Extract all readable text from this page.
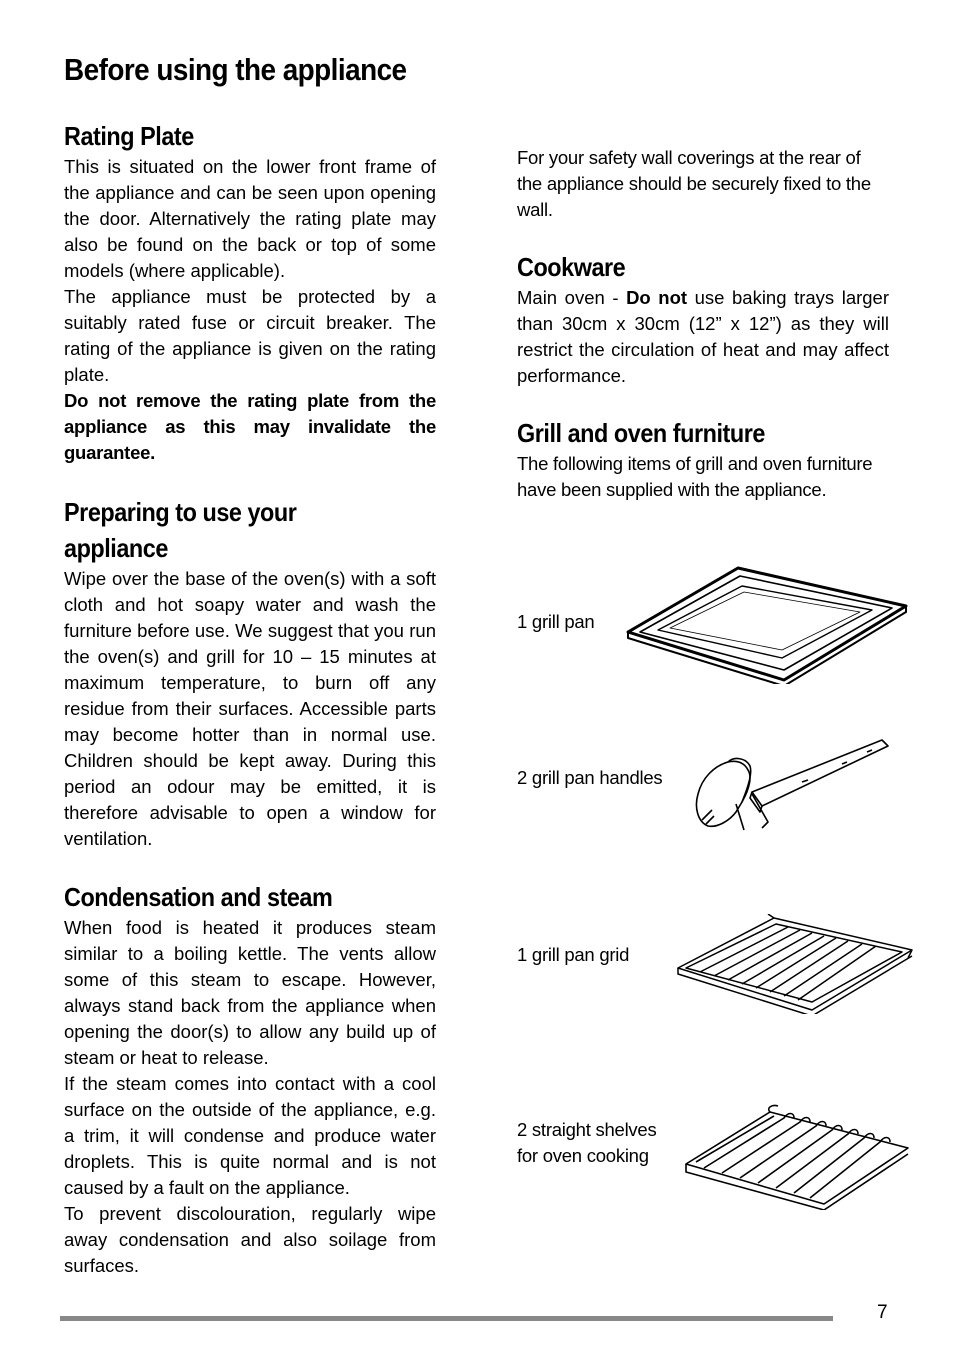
Before using the appliance
Rating Plate

This is situated on the lower front frame of the appliance and can be seen upon opening the door. Alternatively the rating plate may also be found on the back or top of some models (where applicable).

The appliance must be protected by a suitably rated fuse or circuit breaker. The rating of the appliance is given on the rating plate.

Do not remove the rating plate from the appliance as this may invalidate the guarantee.

Preparing to use your
appliance

Wipe over the base of the oven(s) with a soft cloth and hot soapy water and wash the furniture before use. We suggest that you run the oven(s) and grill for 10 – 15 minutes at maximum temperature, to burn off any residue from their surfaces. Accessible parts may become hotter than in normal use. Children should be kept away. During this period an odour may be emitted, it is therefore advisable to open a window for ventilation.

Condensation and steam

When food is heated it produces steam similar to a boiling kettle. The vents allow some of this steam to escape. However, always stand back from the appliance when opening the door(s) to allow any build up of steam or heat to release.

If the steam comes into contact with a cool surface on the outside of the appliance, e.g. a trim, it will condense and produce water droplets. This is quite normal and is not caused by a fault on the appliance.

To prevent discolouration, regularly wipe away condensation and also soilage from surfaces.

For your safety wall coverings at the rear of the appliance should be securely fixed to the wall.

Cookware

Main oven - Do not use baking trays larger than 30cm x 30cm (12” x 12”) as they will restrict the circulation of heat and may affect performance.

Grill and oven furniture

The following items of grill and oven furniture have been supplied with the appliance.

1 grill pan
2 grill pan handles
1 grill pan grid
2 straight shelves
for oven cooking
7
